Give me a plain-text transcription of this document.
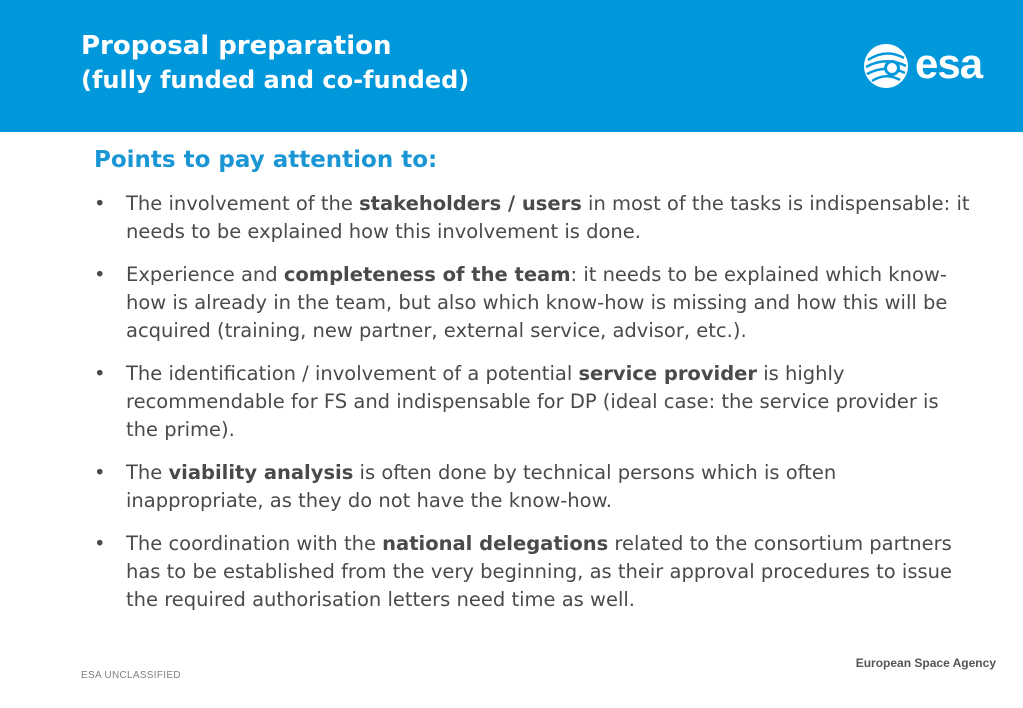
Proposal preparation
(fully funded and co-funded)	esa
Points to pay attention to:
• The involvement of the stakeholders / users in most of the tasks is indispensable: it needs to be explained how this involvement is done.
• Experience and completeness of the team: it needs to be explained which know-how is already in the team, but also which know-how is missing and how this will be acquired (training, new partner, external service, advisor, etc.).
• The identification / involvement of a potential service provider is highly recommendable for FS and indispensable for DP (ideal case: the service provider is the prime).
• The viability analysis is often done by technical persons which is often inappropriate, as they do not have the know-how.
• The coordination with the national delegations related to the consortium partners has to be established from the very beginning, as their approval procedures to issue the required authorisation letters need time as well.
ESA UNCLASSIFIED
European Space Agency
